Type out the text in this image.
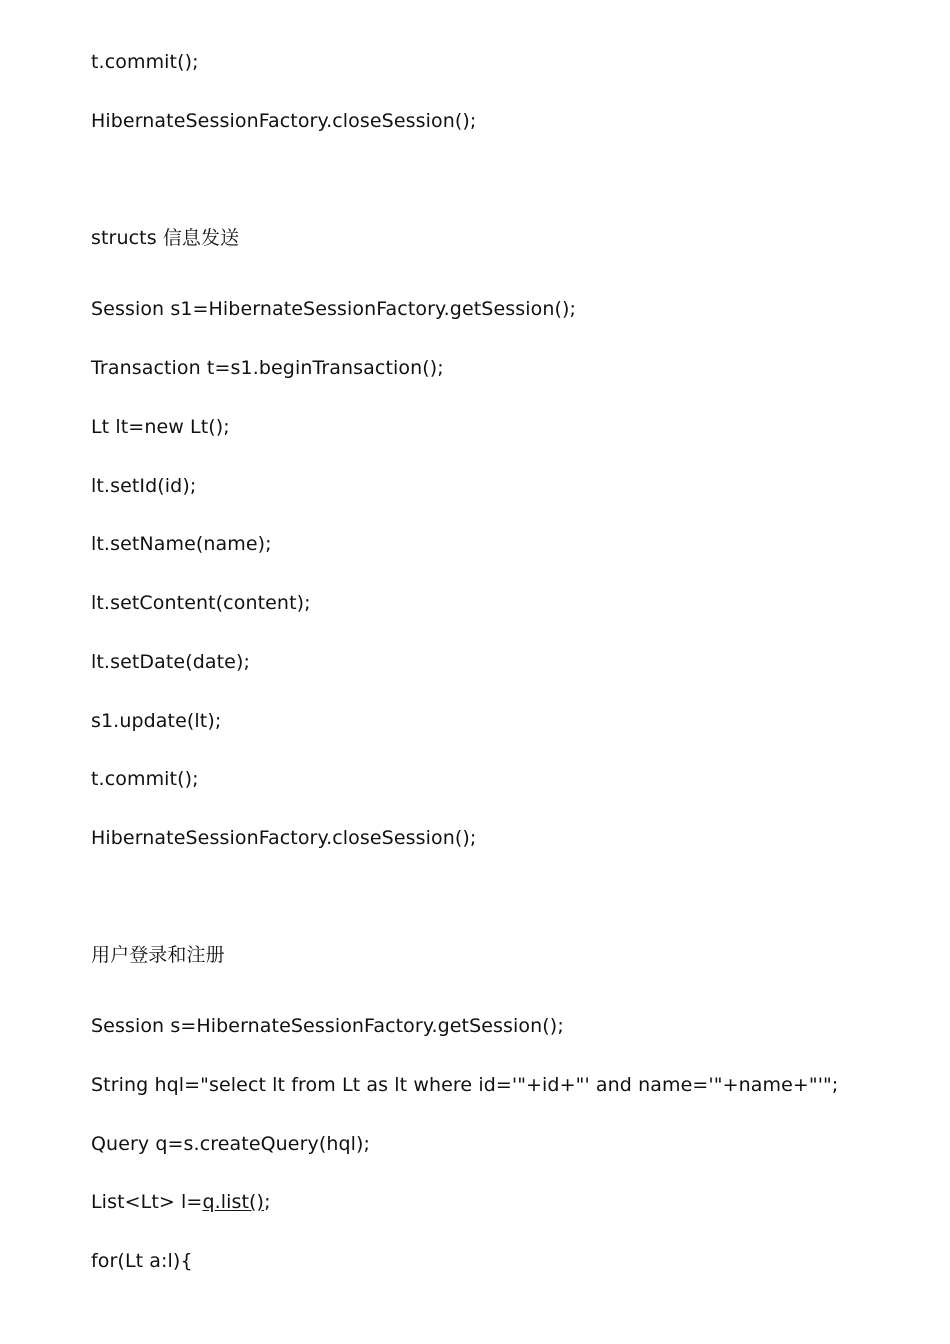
t.commit();
HibernateSessionFactory.closeSession();
structs 信息发送
Session s1=HibernateSessionFactory.getSession();
Transaction t=s1.beginTransaction();
Lt lt=new Lt();
lt.setId(id);
lt.setName(name);
lt.setContent(content);
lt.setDate(date);
s1.update(lt);
t.commit();
HibernateSessionFactory.closeSession();
用户登录和注册
Session s=HibernateSessionFactory.getSession();
String hql="select lt from Lt as lt where id='"+id+"' and name='"+name+"'";
Query q=s.createQuery(hql);
List<Lt> l=q.list();
for(Lt a:l){
